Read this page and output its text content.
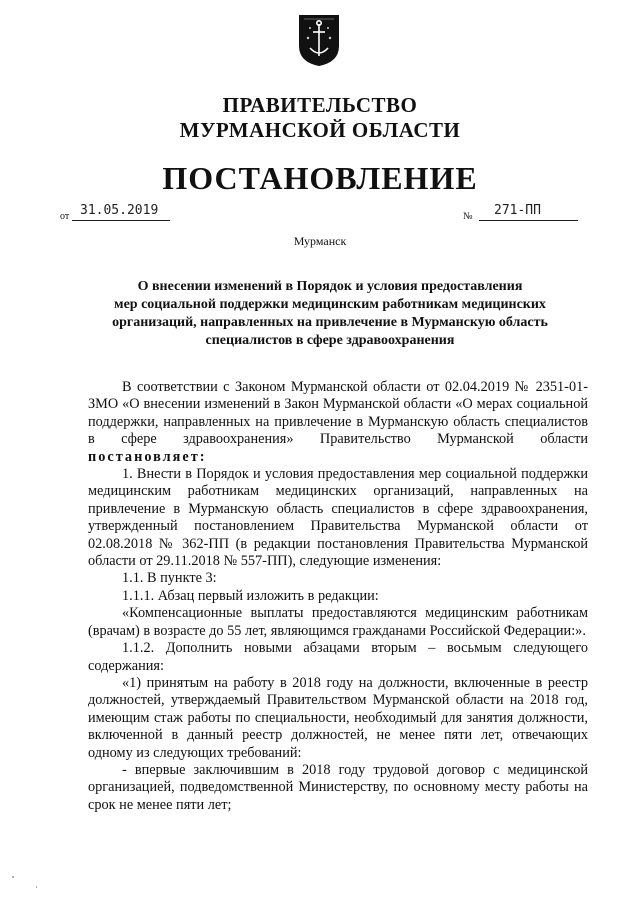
ПРАВИТЕЛЬСТВО
МУРМАНСКОЙ ОБЛАСТИ
ПОСТАНОВЛЕНИЕ
от 31.05.2019	№ 271-ПП
Мурманск
О внесении изменений в Порядок и условия предоставления
мер социальной поддержки медицинским работникам медицинских
организаций, направленных на привлечение в Мурманскую область
специалистов в сфере здравоохранения

В соответствии с Законом Мурманской области от 02.04.2019 № 2351-01-ЗМО «О внесении изменений в Закон Мурманской области «О мерах социальной поддержки, направленных на привлечение в Мурманскую область специалистов в сфере здравоохранения» Правительство Мурманской области постановляет:

1. Внести в Порядок и условия предоставления мер социальной поддержки медицинским работникам медицинских организаций, направленных на привлечение в Мурманскую область специалистов в сфере здравоохранения, утвержденный постановлением Правительства Мурманской области от 02.08.2018 № 362-ПП (в редакции постановления Правительства Мурманской области от 29.11.2018 № 557-ПП), следующие изменения:

1.1. В пункте 3:

1.1.1. Абзац первый изложить в редакции:

«Компенсационные выплаты предоставляются медицинским работникам (врачам) в возрасте до 55 лет, являющимся гражданами Российской Федерации:».

1.1.2. Дополнить новыми абзацами вторым – восьмым следующего содержания:

«1) принятым на работу в 2018 году на должности, включенные в реестр должностей, утверждаемый Правительством Мурманской области на 2018 год, имеющим стаж работы по специальности, необходимый для занятия должности, включенной в данный реестр должностей, не менее пяти лет, отвечающих одному из следующих требований:

- впервые заключившим в 2018 году трудовой договор с медицинской организацией, подведомственной Министерству, по основному месту работы на срок не менее пяти лет;
